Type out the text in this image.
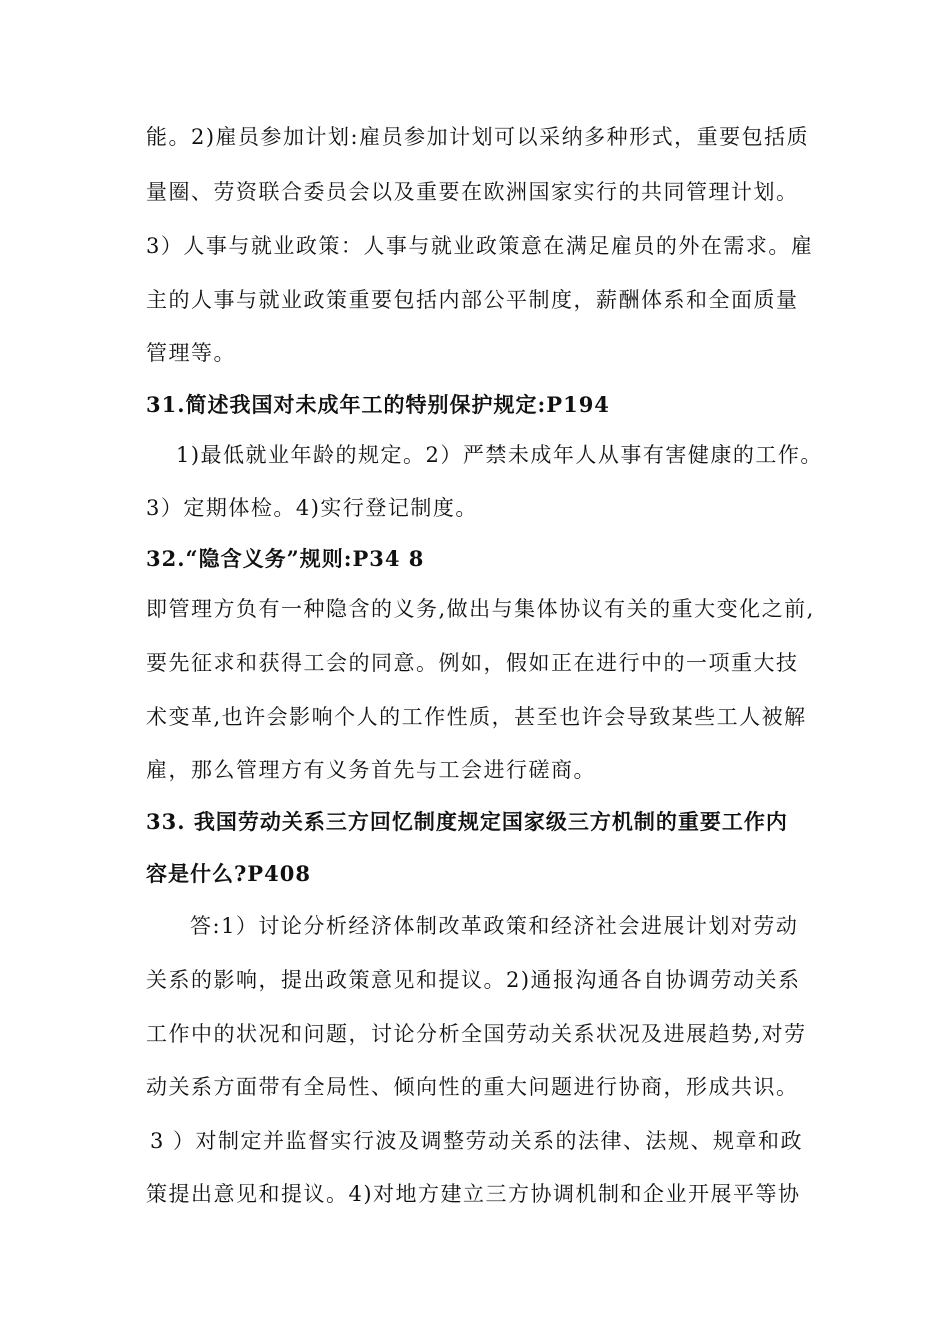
能。2)雇员参加计划:雇员参加计划可以采纳多种形式，重要包括质
量圈、劳资联合委员会以及重要在欧洲国家实行的共同管理计划。
3）人事与就业政策：人事与就业政策意在满足雇员的外在需求。雇
主的人事与就业政策重要包括内部公平制度，薪酬体系和全面质量
管理等。
31.简述我国对未成年工的特别保护规定:P194
1)最低就业年龄的规定。2）严禁未成年人从事有害健康的工作。
3）定期体检。4)实行登记制度。
32.“隐含义务”规则:P34 8
即管理方负有一种隐含的义务,做出与集体协议有关的重大变化之前,
要先征求和获得工会的同意。例如，假如正在进行中的一项重大技
术变革,也许会影响个人的工作性质，甚至也许会导致某些工人被解
雇，那么管理方有义务首先与工会进行磋商。
33. 我国劳动关系三方回忆制度规定国家级三方机制的重要工作内
容是什么?P408
答:1）讨论分析经济体制改革政策和经济社会进展计划对劳动
关系的影响，提出政策意见和提议。2)通报沟通各自协调劳动关系
工作中的状况和问题，讨论分析全国劳动关系状况及进展趋势,对劳
动关系方面带有全局性、倾向性的重大问题进行协商，形成共识。
3 ）对制定并监督实行波及调整劳动关系的法律、法规、规章和政
策提出意见和提议。4)对地方建立三方协调机制和企业开展平等协
